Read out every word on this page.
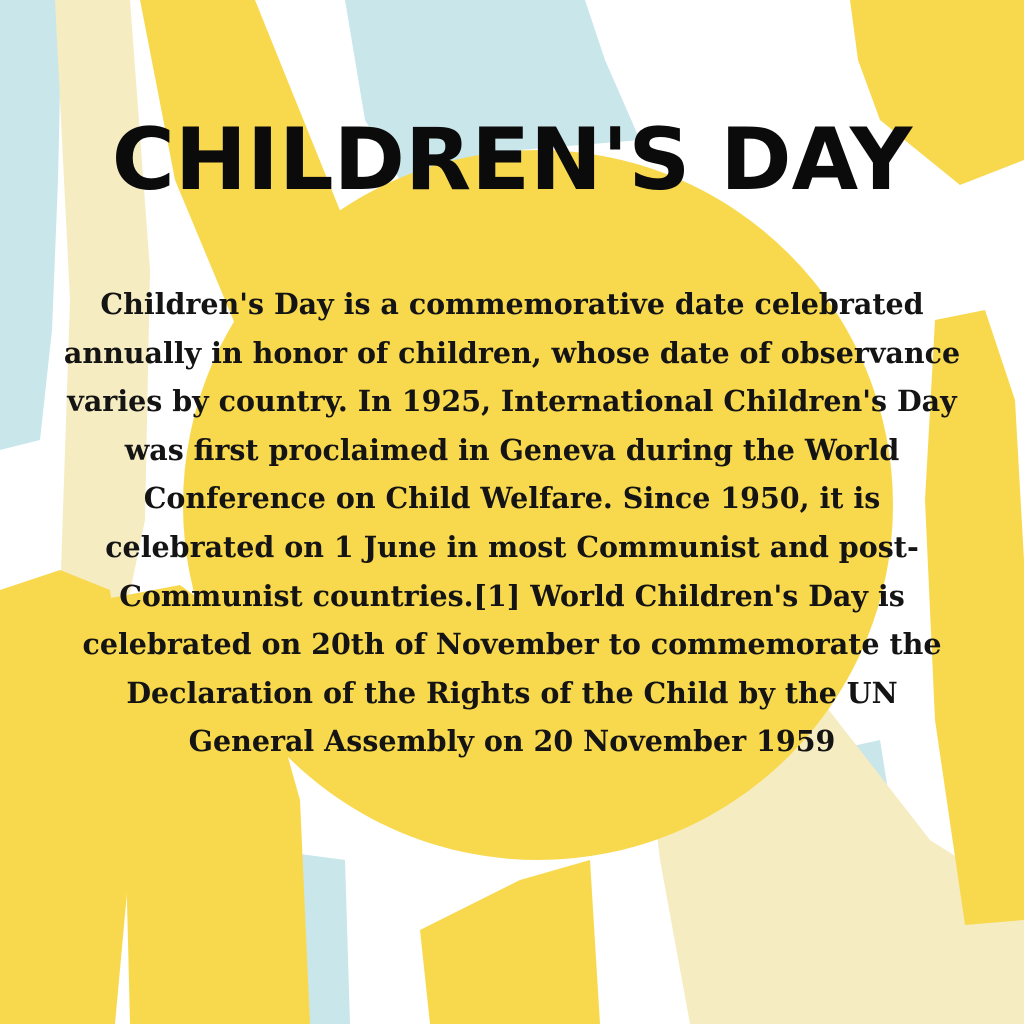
CHILDREN'S DAY

Children's Day is a commemorative date celebrated annually in honor of children, whose date of observance varies by country. In 1925, International Children's Day was first proclaimed in Geneva during the World Conference on Child Welfare. Since 1950, it is celebrated on 1 June in most Communist and post-Communist countries.[1] World Children's Day is celebrated on 20th of November to commemorate the Declaration of the Rights of the Child by the UN General Assembly on 20 November 1959
